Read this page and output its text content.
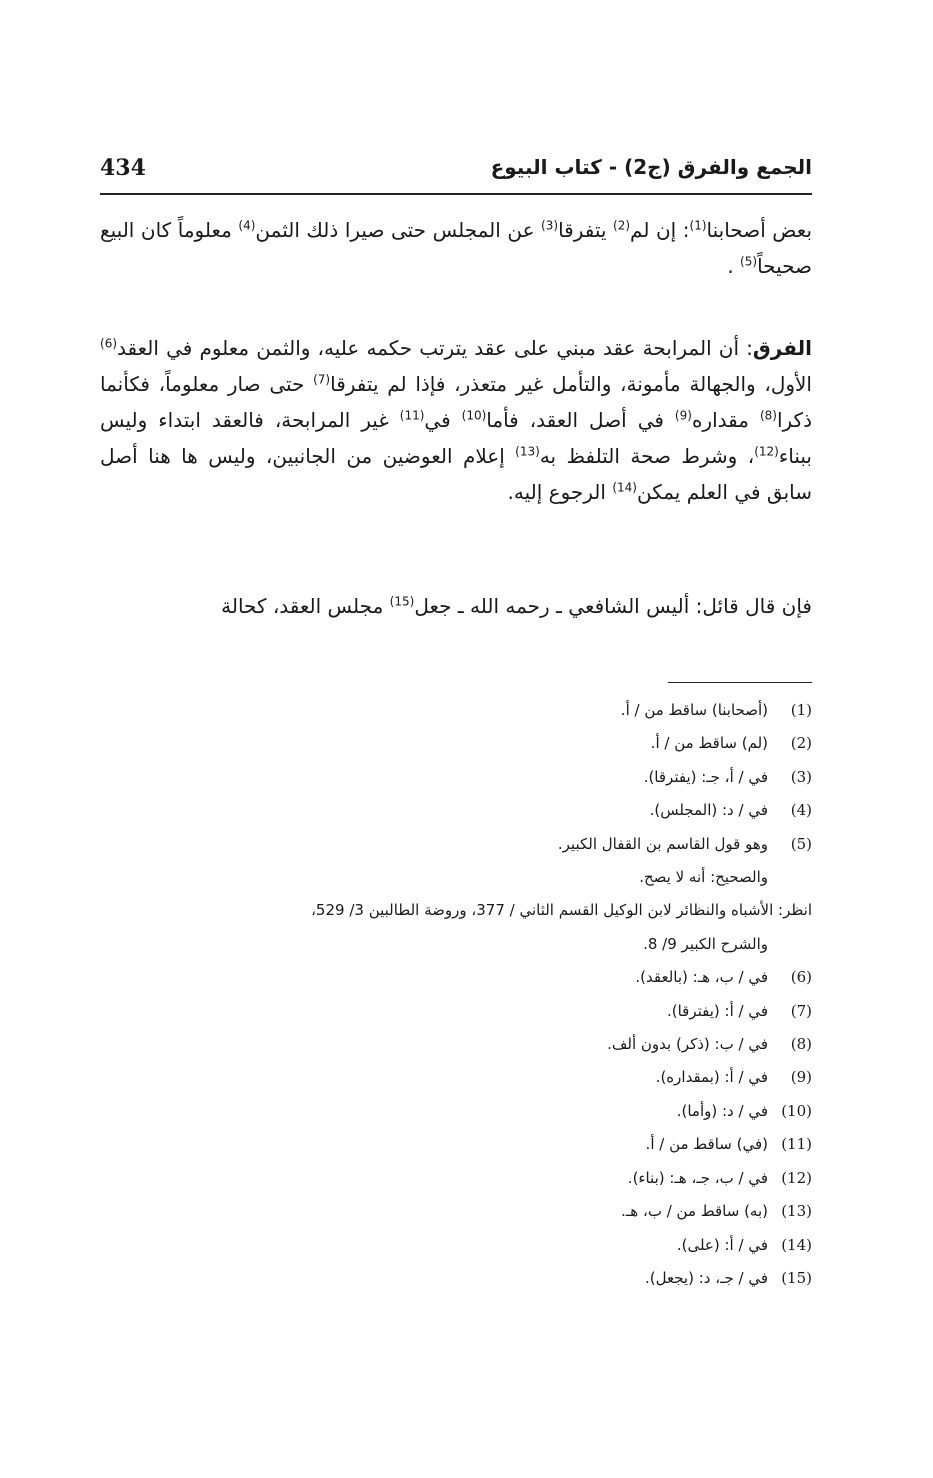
434	الجمع والفرق (ج2) - كتاب البيوع

بعض أصحابنا$^{(1)}$: إن لم$^{(2)}$ يتفرقا$^{(3)}$ عن المجلس حتى صيرا ذلك الثمن$^{(4)}$ معلوماً كان البيع صحيحاً$^{(5)}$ .

الفرق: أن المرابحة عقد مبني على عقد يترتب حكمه عليه، والثمن معلوم في العقد$^{(6)}$ الأول، والجهالة مأمونة، والتأمل غير متعذر، فإذا لم يتفرقا$^{(7)}$ حتى صار معلوماً، فكأنما ذكرا$^{(8)}$ مقداره$^{(9)}$ في أصل العقد، فأما$^{(10)}$ في$^{(11)}$ غير المرابحة، فالعقد ابتداء وليس ببناء$^{(12)}$، وشرط صحة التلفظ به$^{(13)}$ إعلام العوضين من الجانبين، وليس ها هنا أصل سابق في العلم يمكن$^{(14)}$ الرجوع إليه.

فإن قال قائل: أليس الشافعي ـ رحمه الله ـ جعل$^{(15)}$ مجلس العقد، كحالة

(1)
(أصحابنا) ساقط من / أ.
(2)
(لم) ساقط من / أ.
(3)
في / أ، جـ: (يفترقا).
(4)
في / د: (المجلس).
(5)
وهو قول القاسم بن القفال الكبير.
والصحيح: أنه لا يصح.
انظر: الأشباه والنظائر لابن الوكيل القسم الثاني / 377، وروضة الطالبين 3/ 529،
والشرح الكبير 9/ 8.
(6)
في / ب، هـ: (بالعقد).
(7)
في / أ: (يفترقا).
(8)
في / ب: (ذكر) بدون ألف.
(9)
في / أ: (بمقداره).
(10)
في / د: (وأما).
(11)
(في) ساقط من / أ.
(12)
في / ب، جـ، هـ: (بناء).
(13)
(به) ساقط من / ب، هـ.
(14)
في / أ: (على).
(15)
في / جـ، د: (يجعل).
